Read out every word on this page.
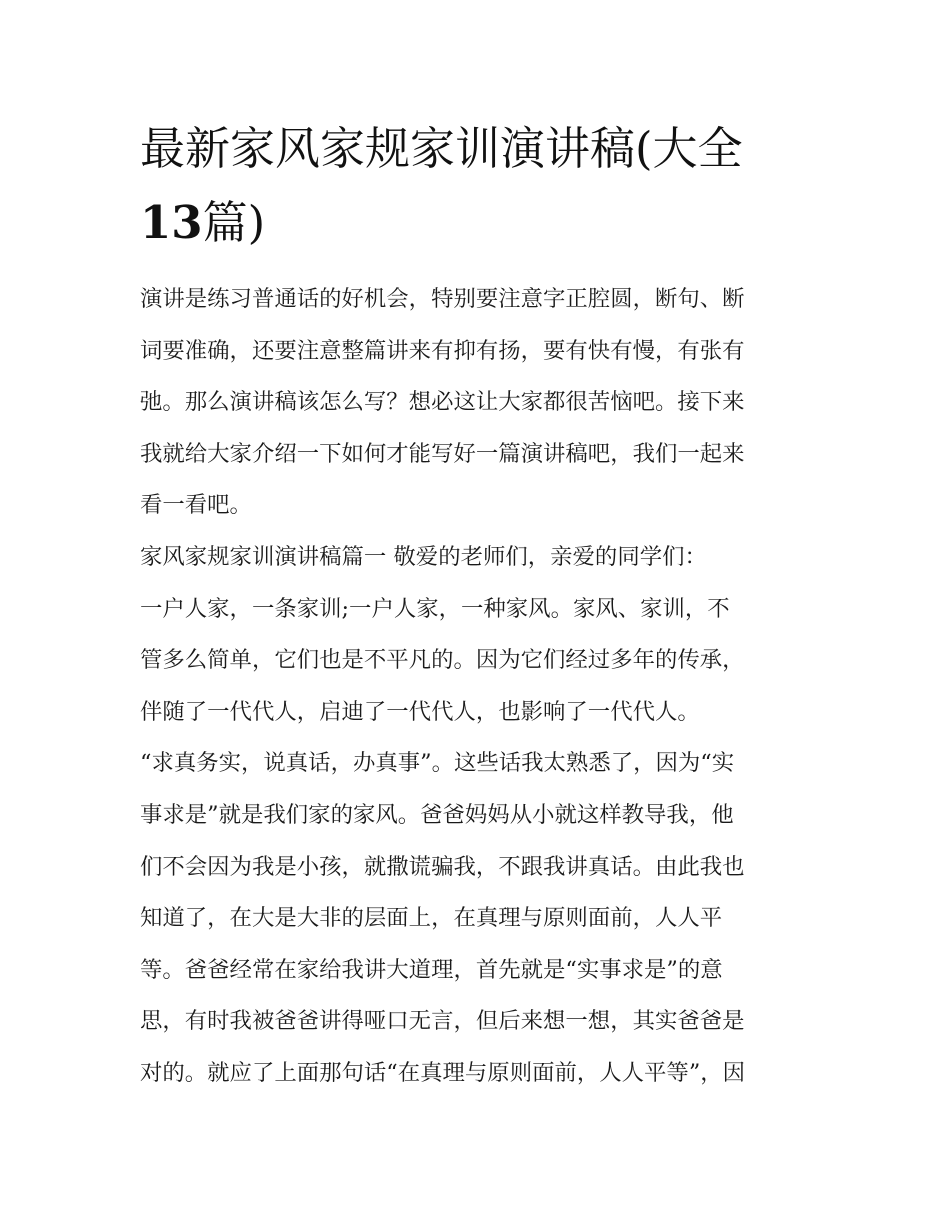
最新家风家规家训演讲稿(大全
13篇)
演讲是练习普通话的好机会，特别要注意字正腔圆，断句、断
词要准确，还要注意整篇讲来有抑有扬，要有快有慢，有张有
弛。那么演讲稿该怎么写？想必这让大家都很苦恼吧。接下来
我就给大家介绍一下如何才能写好一篇演讲稿吧，我们一起来
看一看吧。
家风家规家训演讲稿篇一 敬爱的老师们，亲爱的同学们：
一户人家，一条家训;一户人家，一种家风。家风、家训，不
管多么简单，它们也是不平凡的。因为它们经过多年的传承，
伴随了一代代人，启迪了一代代人，也影响了一代代人。
“求真务实，说真话，办真事”。这些话我太熟悉了，因为“实
事求是”就是我们家的家风。爸爸妈妈从小就这样教导我，他
们不会因为我是小孩，就撒谎骗我，不跟我讲真话。由此我也
知道了，在大是大非的层面上，在真理与原则面前，人人平
等。爸爸经常在家给我讲大道理，首先就是“实事求是”的意
思，有时我被爸爸讲得哑口无言，但后来想一想，其实爸爸是
对的。就应了上面那句话“在真理与原则面前，人人平等”，因
